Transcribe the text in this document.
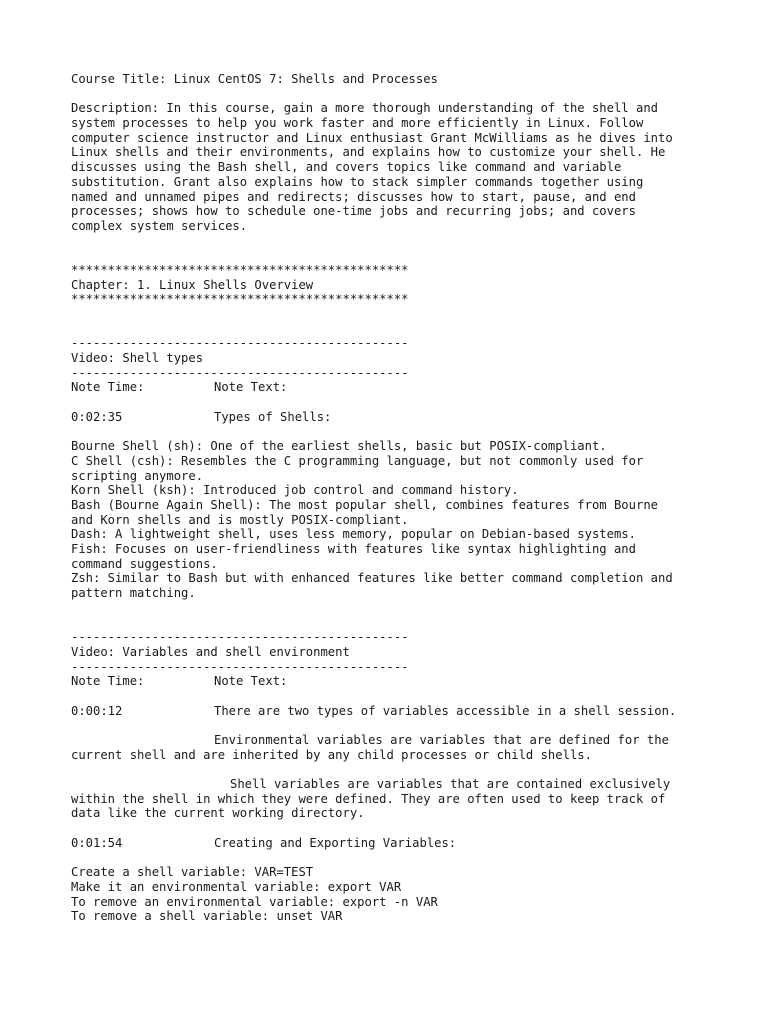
Course Title: Linux CentOS 7: Shells and Processes
Description: In this course, gain a more thorough understanding of the shell and
system processes to help you work faster and more efficiently in Linux. Follow
computer science instructor and Linux enthusiast Grant McWilliams as he dives into
Linux shells and their environments, and explains how to customize your shell. He
discusses using the Bash shell, and covers topics like command and variable
substitution. Grant also explains how to stack simpler commands together using
named and unnamed pipes and redirects; discusses how to start, pause, and end
processes; shows how to schedule one-time jobs and recurring jobs; and covers
complex system services.
**********************************************
Chapter: 1. Linux Shells Overview
**********************************************
----------------------------------------------
Video: Shell types
----------------------------------------------
Note Time:	Note Text:
0:02:35	Types of Shells:
Bourne Shell (sh): One of the earliest shells, basic but POSIX-compliant.
C Shell (csh): Resembles the C programming language, but not commonly used for
scripting anymore.
Korn Shell (ksh): Introduced job control and command history.
Bash (Bourne Again Shell): The most popular shell, combines features from Bourne
and Korn shells and is mostly POSIX-compliant.
Dash: A lightweight shell, uses less memory, popular on Debian-based systems.
Fish: Focuses on user-friendliness with features like syntax highlighting and
command suggestions.
Zsh: Similar to Bash but with enhanced features like better command completion and
pattern matching.
----------------------------------------------
Video: Variables and shell environment
----------------------------------------------
Note Time:	Note Text:
0:00:12	There are two types of variables accessible in a shell session.
Environmental variables are variables that are defined for the
current shell and are inherited by any child processes or child shells.
Shell variables are variables that are contained exclusively
within the shell in which they were defined. They are often used to keep track of
data like the current working directory.
0:01:54	Creating and Exporting Variables:
Create a shell variable: VAR=TEST
Make it an environmental variable: export VAR
To remove an environmental variable: export -n VAR
To remove a shell variable: unset VAR
